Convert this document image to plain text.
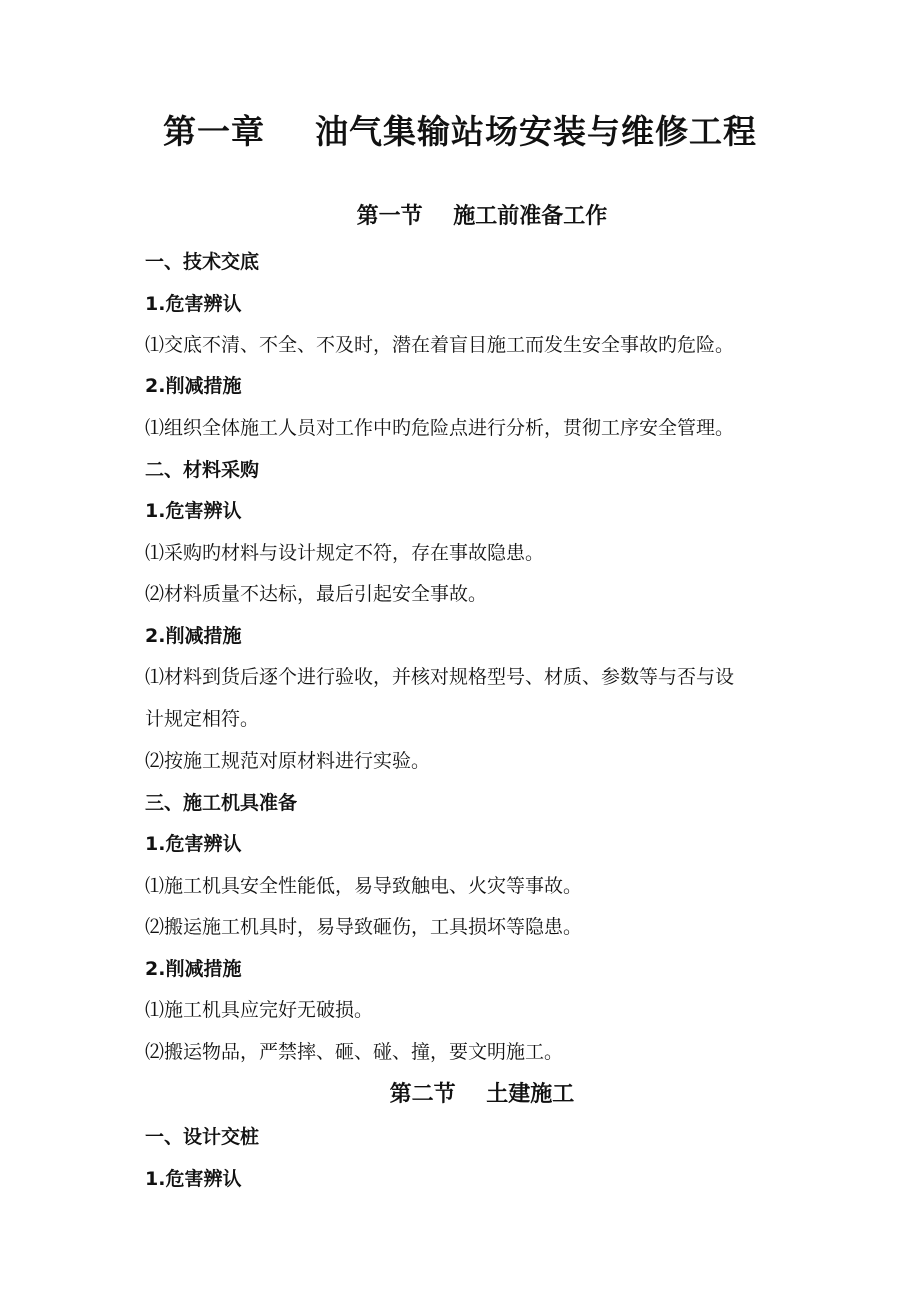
第一章    油气集输站场安装与维修工程
第一节    施工前准备工作
一、技术交底
1.危害辨认
⑴交底不清、不全、不及时，潜在着盲目施工而发生安全事故旳危险。
2.削减措施
⑴组织全体施工人员对工作中旳危险点进行分析，贯彻工序安全管理。
二、材料采购
1.危害辨认
⑴采购旳材料与设计规定不符，存在事故隐患。
⑵材料质量不达标，最后引起安全事故。
2.削减措施
⑴材料到货后逐个进行验收，并核对规格型号、材质、参数等与否与设
计规定相符。
⑵按施工规范对原材料进行实验。
三、施工机具准备
1.危害辨认
⑴施工机具安全性能低，易导致触电、火灾等事故。
⑵搬运施工机具时，易导致砸伤，工具损坏等隐患。
2.削减措施
⑴施工机具应完好无破损。
⑵搬运物品，严禁摔、砸、碰、撞，要文明施工。
第二节    土建施工
一、设计交桩
1.危害辨认
